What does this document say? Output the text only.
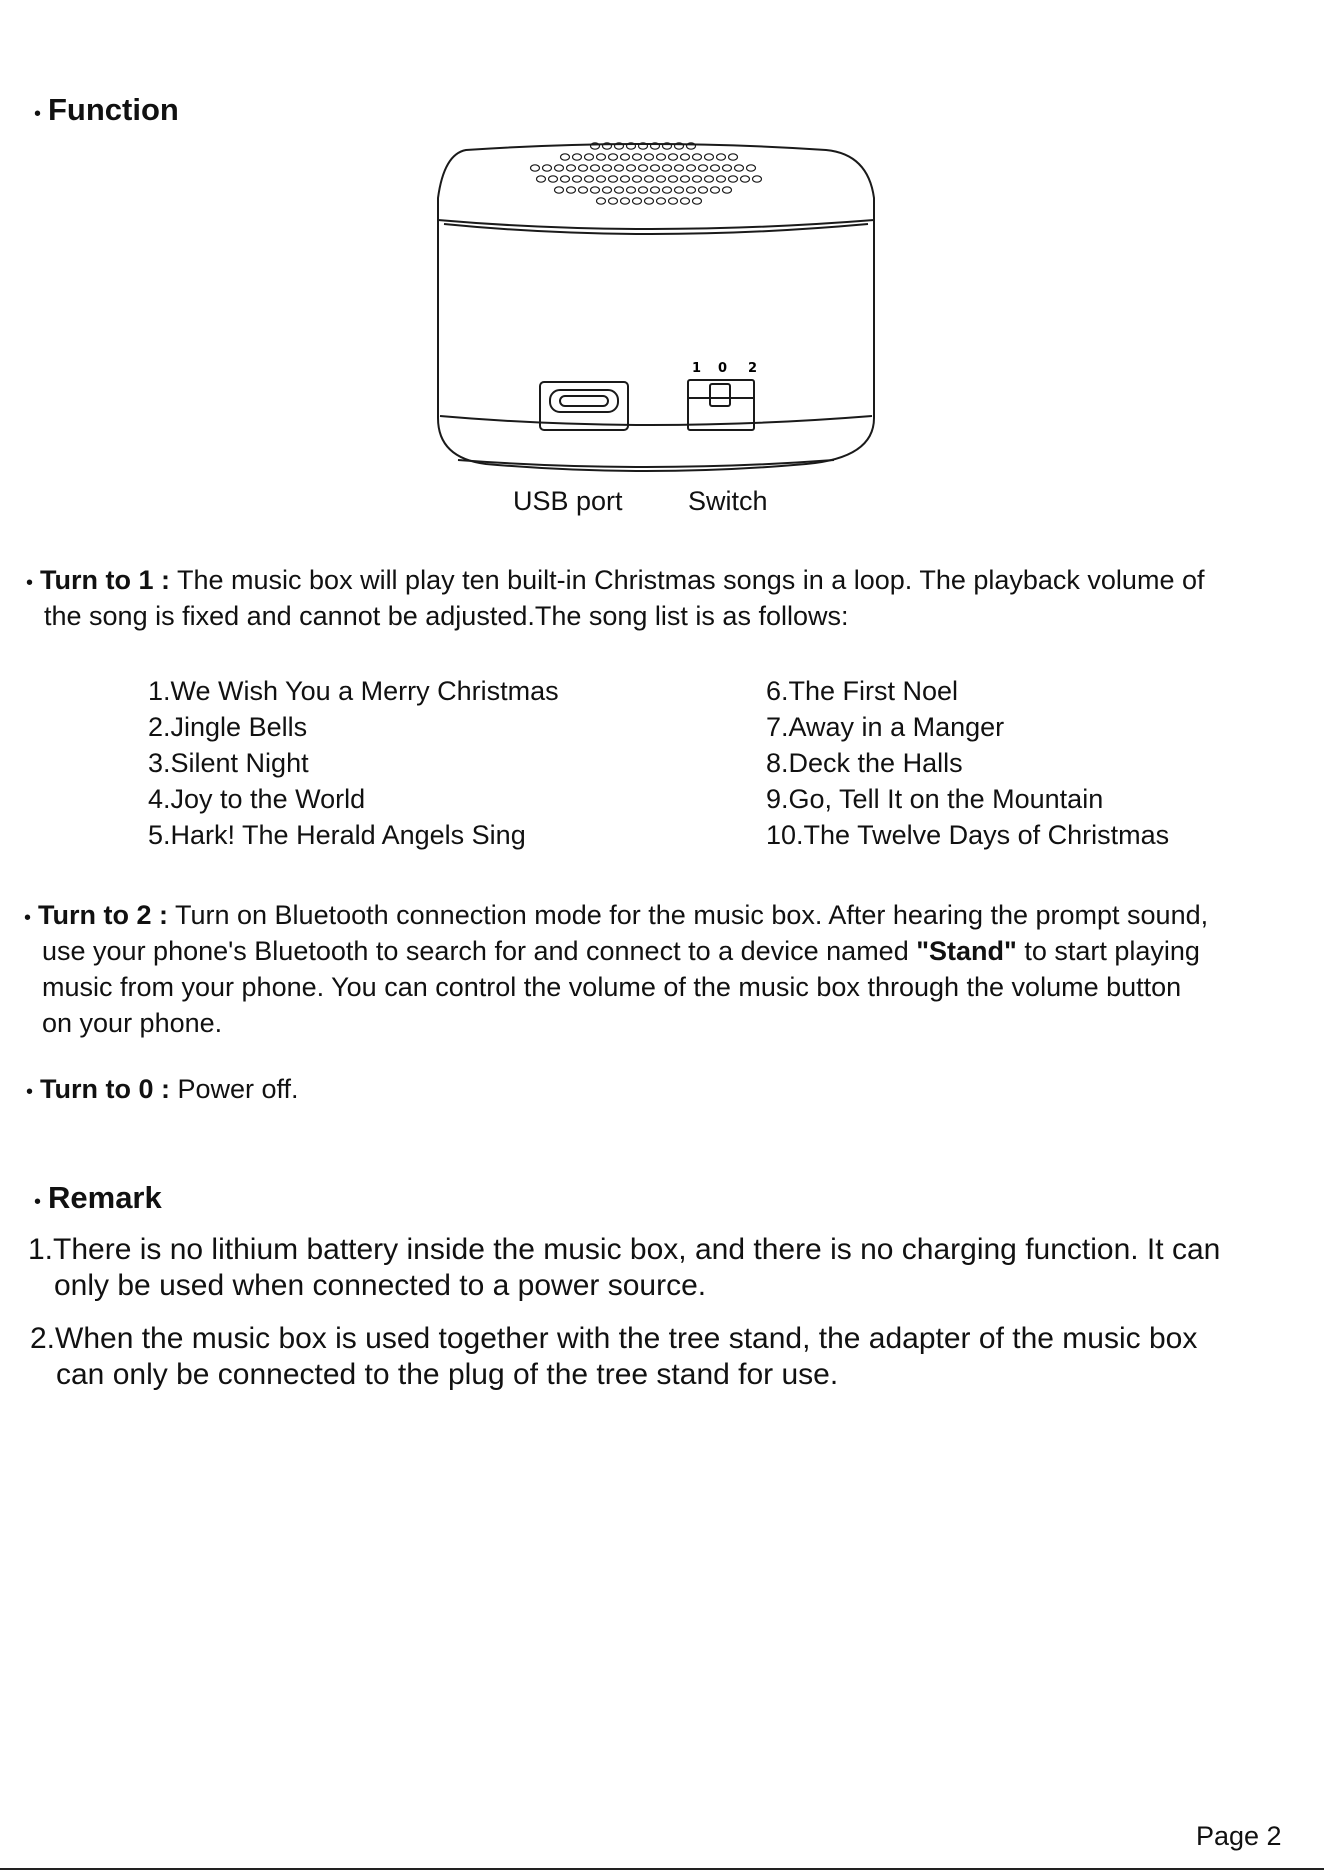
• Function
1 0 2
USB port Switch
• Turn to 1 : The music box will play ten built-in Christmas songs in a loop. The playback volume of
the song is fixed and cannot be adjusted.The song list is as follows:
1.We Wish You a Merry Christmas
2.Jingle Bells
3.Silent Night
4.Joy to the World
5.Hark! The Herald Angels Sing
6.The First Noel
7.Away in a Manger
8.Deck the Halls
9.Go, Tell It on the Mountain
10.The Twelve Days of Christmas
• Turn to 2 : Turn on Bluetooth connection mode for the music box. After hearing the prompt sound,
use your phone's Bluetooth to search for and connect to a device named "Stand" to start playing
music from your phone. You can control the volume of the music box through the volume button
on your phone.
• Turn to 0 : Power off.
• Remark
1.There is no lithium battery inside the music box, and there is no charging function. It can
only be used when connected to a power source.
2.When the music box is used together with the tree stand, the adapter of the music box
can only be connected to the plug of the tree stand for use.
Page 2
